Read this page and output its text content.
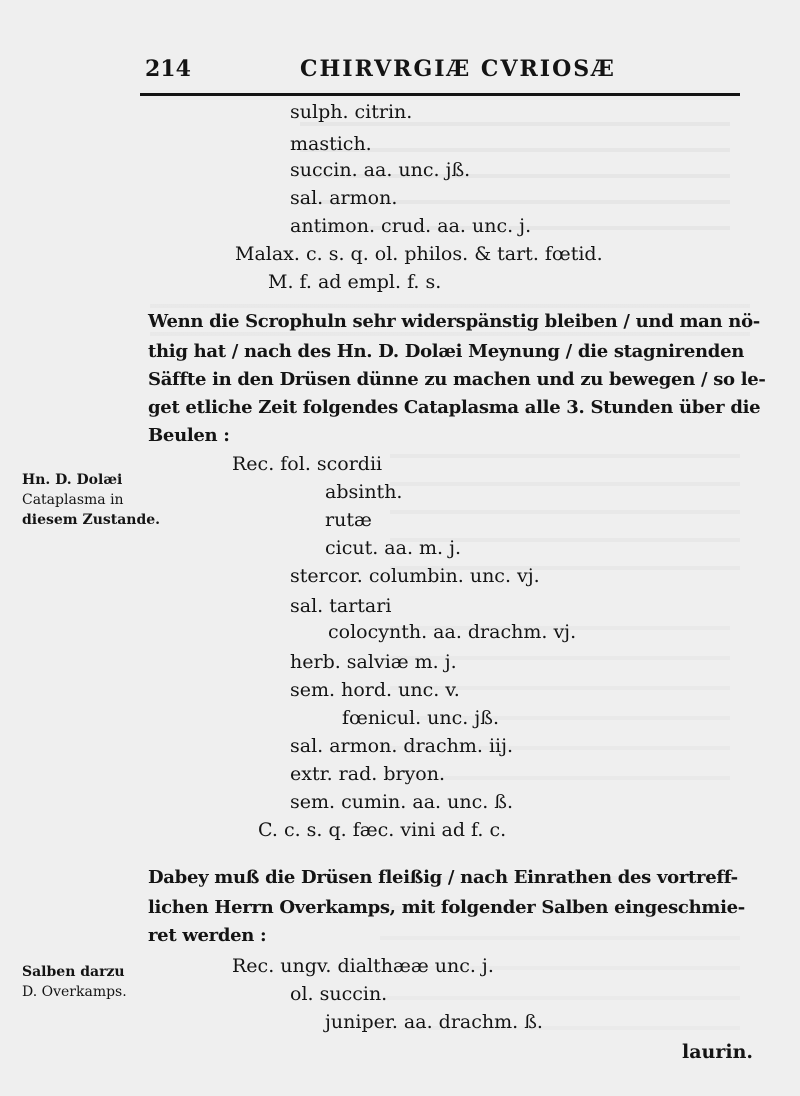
214	CHIRVRGIÆ CVRIOSÆ
sulph. citrin.
mastich.
succin. aa. unc. jß.
sal. armon.
antimon. crud. aa. unc. j.
Malax. c. s. q. ol. philos. & tart. fœtid.
M. f. ad empl. f. s.
Wenn die Scrophuln sehr widerspänstig bleiben / und man nö-
thig hat / nach des Hn. D. Dolæi Meynung / die stagnirenden
Säffte in den Drüsen dünne zu machen und zu bewegen / so le-
get etliche Zeit folgendes Cataplasma alle 3. Stunden über die
Beulen :
Rec. fol. scordii
absinth.
rutæ
cicut. aa. m. j.
stercor. columbin. unc. vj.
sal. tartari
colocynth. aa. drachm. vj.
herb. salviæ m. j.
sem. hord. unc. v.
fœnicul. unc. jß.
sal. armon. drachm. iij.
extr. rad. bryon.
sem. cumin. aa. unc. ß.
C. c. s. q. fæc. vini ad f. c.
Hn. D. Dolæi
Cataplasma in
diesem Zustande.
Dabey muß die Drüsen fleißig / nach Einrathen des vortreff-
lichen Herrn Overkamps, mit folgender Salben eingeschmie-
ret werden :
Rec. ungv. dialthææ unc. j.
ol. succin.
juniper. aa. drachm. ß.
Salben darzu
D. Overkamps.
laurin.
